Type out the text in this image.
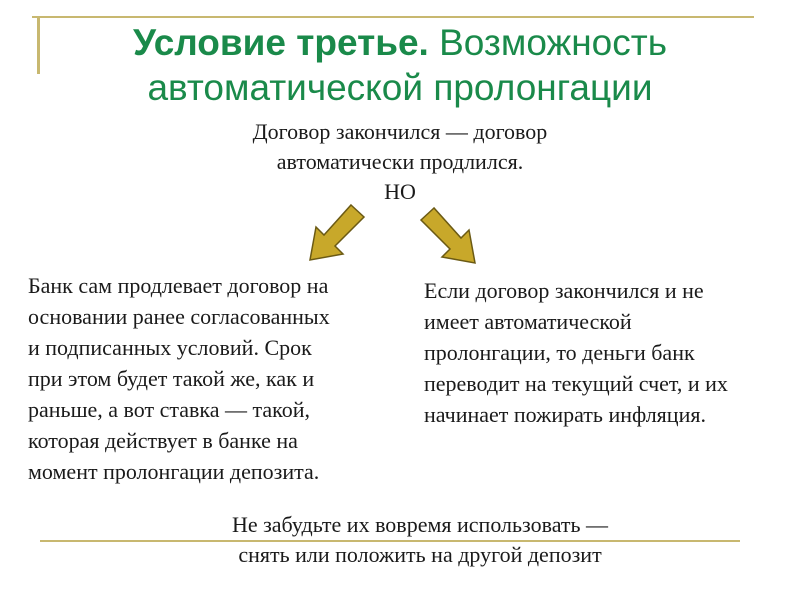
Условие третье. Возможность автоматической пролонгации
Договор закончился — договор
автоматически продлился.
НО
Банк сам продлевает договор на
основании ранее согласованных
и подписанных условий. Срок
при этом будет такой же, как и
раньше, а вот ставка — такой,
которая действует в банке на
момент пролонгации депозита.
Если договор закончился и не
имеет автоматической
пролонгации, то деньги банк
переводит на текущий счет, и их
начинает пожирать инфляция.
Не забудьте их вовремя использовать —
снять или положить на другой депозит
